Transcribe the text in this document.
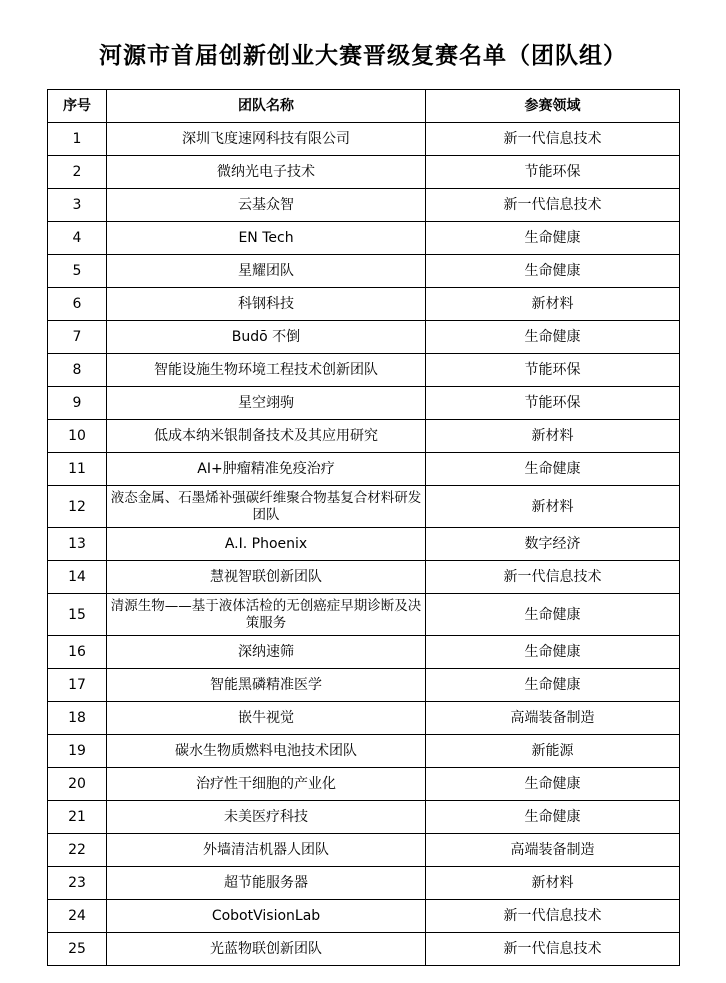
河源市首届创新创业大赛晋级复赛名单（团队组）
序号	团队名称	参赛领域
1	深圳飞度速网科技有限公司	新一代信息技术
2	微纳光电子技术	节能环保
3	云基众智	新一代信息技术
4	EN Tech	生命健康
5	星耀团队	生命健康
6	科钢科技	新材料
7	Budō 不倒	生命健康
8	智能设施生物环境工程技术创新团队	节能环保
9	星空翊驹	节能环保
10	低成本纳米银制备技术及其应用研究	新材料
11	AI+肿瘤精准免疫治疗	生命健康
12	液态金属、石墨烯补强碳纤维聚合物基复合材料研发团队	新材料
13	A.I. Phoenix	数字经济
14	慧视智联创新团队	新一代信息技术
15	清源生物——基于液体活检的无创癌症早期诊断及决策服务	生命健康
16	深纳速筛	生命健康
17	智能黑磷精准医学	生命健康
18	嵌牛视觉	高端装备制造
19	碳水生物质燃料电池技术团队	新能源
20	治疗性干细胞的产业化	生命健康
21	未美医疗科技	生命健康
22	外墙清洁机器人团队	高端装备制造
23	超节能服务器	新材料
24	CobotVisionLab	新一代信息技术
25	光蓝物联创新团队	新一代信息技术
